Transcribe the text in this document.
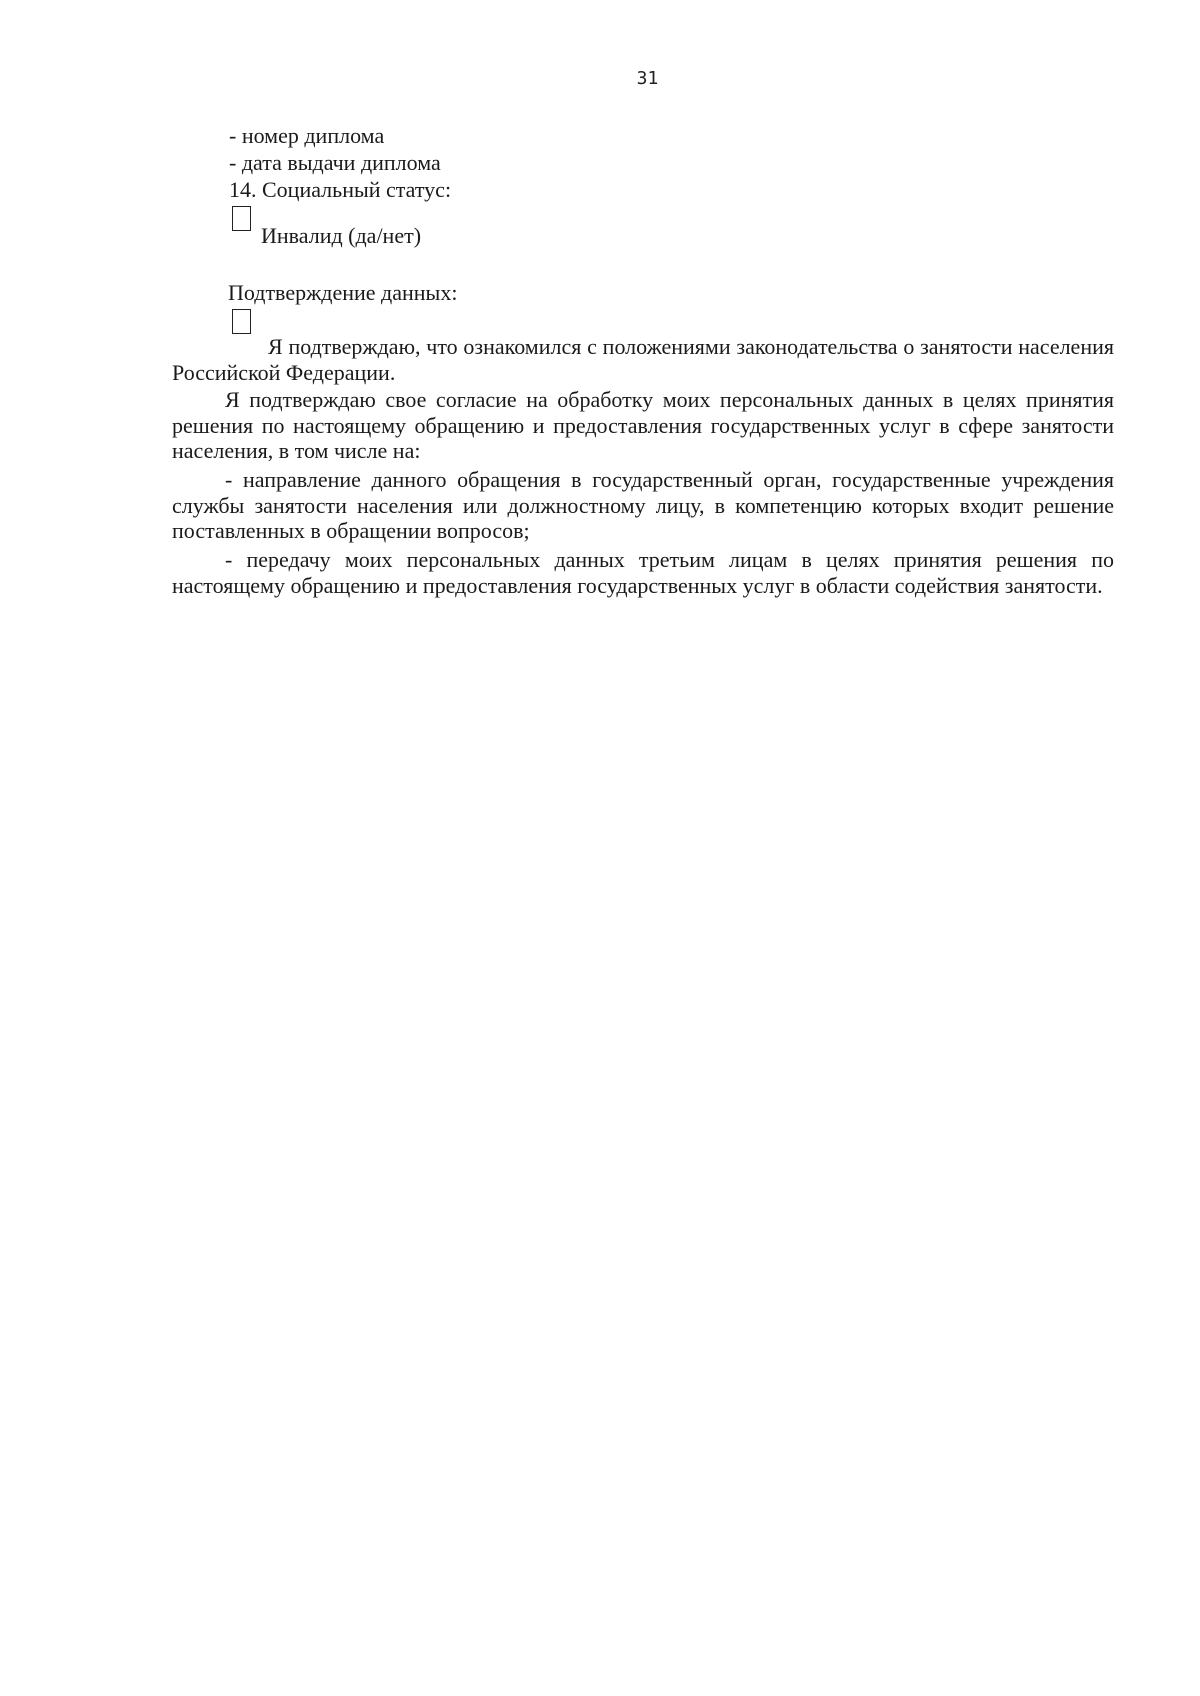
31
- номер диплома
- дата выдачи диплома
14. Социальный статус:
Инвалид (да/нет)
Подтверждение данных:
Я подтверждаю, что ознакомился с положениями законодательства о занятости населения Российской Федерации.
Я подтверждаю свое согласие на обработку моих персональных данных в целях принятия решения по настоящему обращению и предоставления государственных услуг в сфере занятости населения, в том числе на:
- направление данного обращения в государственный орган, государственные учреждения службы занятости населения или должностному лицу, в компетенцию которых входит решение поставленных в обращении вопросов;
- передачу моих персональных данных третьим лицам в целях принятия решения по настоящему обращению и предоставления государственных услуг в области содействия занятости.
